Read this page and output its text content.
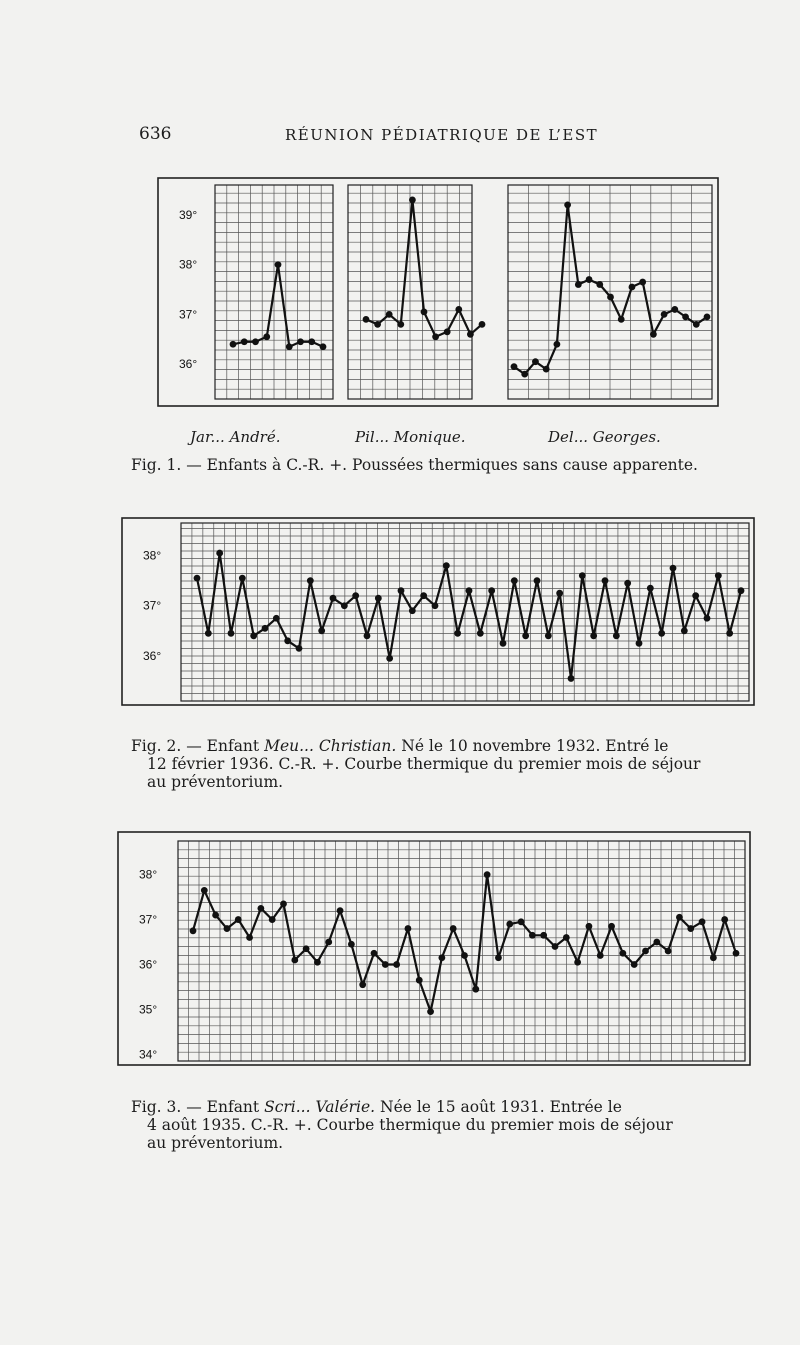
636	RÉUNION PÉDIATRIQUE DE L’EST
39°
38°
37°
36°
Jar... André.	Pil... Monique.	Del... Georges.
Fig. 1. — Enfants à C.-R. +. Poussées thermiques sans cause apparente.
38°
37°
36°
Fig. 2. — Enfant Meu... Christian. Né le 10 novembre 1932. Entré le
12 février 1936. C.-R. +. Courbe thermique du premier mois de séjour
au préventorium.
38°
37°
36°
35°
34°
Fig. 3. — Enfant Scri... Valérie. Née le 15 août 1931. Entrée le
4 août 1935. C.-R. +. Courbe thermique du premier mois de séjour
au préventorium.
